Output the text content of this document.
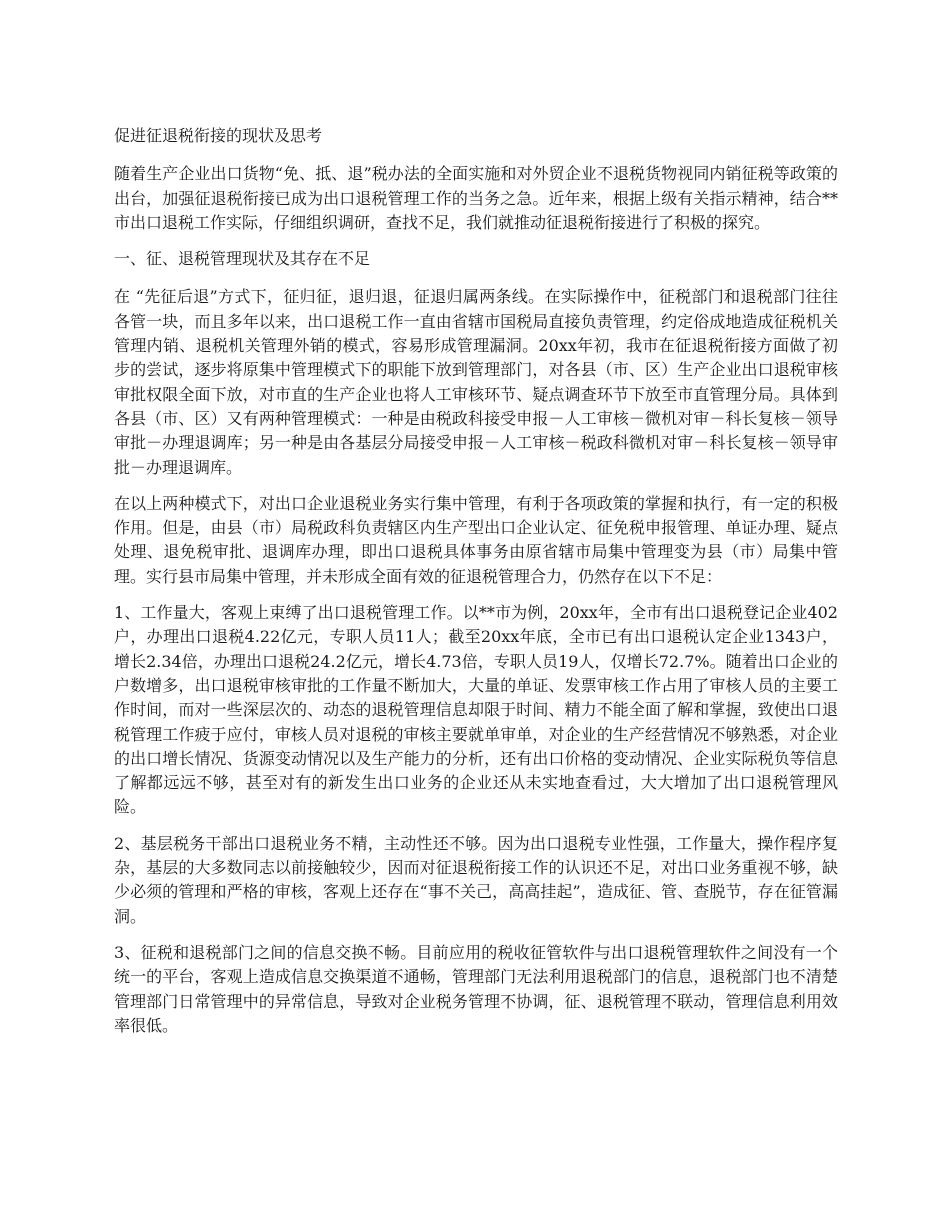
促进征退税衔接的现状及思考

随着生产企业出口货物“免、抵、退”税办法的全面实施和对外贸企业不退税货物视同内销征税等政策的出台，加强征退税衔接已成为出口退税管理工作的当务之急。近年来，根据上级有关指示精神，结合**市出口退税工作实际，仔细组织调研，查找不足，我们就推动征退税衔接进行了积极的探究。

一、征、退税管理现状及其存在不足

在 “先征后退”方式下，征归征，退归退，征退归属两条线。在实际操作中，征税部门和退税部门往往各管一块，而且多年以来，出口退税工作一直由省辖市国税局直接负责管理，约定俗成地造成征税机关管理内销、退税机关管理外销的模式，容易形成管理漏洞。20xx年初，我市在征退税衔接方面做了初步的尝试，逐步将原集中管理模式下的职能下放到管理部门，对各县（市、区）生产企业出口退税审核审批权限全面下放，对市直的生产企业也将人工审核环节、疑点调查环节下放至市直管理分局。具体到各县（市、区）又有两种管理模式：一种是由税政科接受申报－人工审核－微机对审－科长复核－领导审批－办理退调库；另一种是由各基层分局接受申报－人工审核－税政科微机对审－科长复核－领导审批－办理退调库。

在以上两种模式下，对出口企业退税业务实行集中管理，有利于各项政策的掌握和执行，有一定的积极作用。但是，由县（市）局税政科负责辖区内生产型出口企业认定、征免税申报管理、单证办理、疑点处理、退免税审批、退调库办理，即出口退税具体事务由原省辖市局集中管理变为县（市）局集中管理。实行县市局集中管理，并未形成全面有效的征退税管理合力，仍然存在以下不足：

1、工作量大，客观上束缚了出口退税管理工作。以**市为例，20xx年，全市有出口退税登记企业402户，办理出口退税4.22亿元，专职人员11人；截至20xx年底，全市已有出口退税认定企业1343户，增长2.34倍，办理出口退税24.2亿元，增长4.73倍，专职人员19人，仅增长72.7%。随着出口企业的户数增多，出口退税审核审批的工作量不断加大，大量的单证、发票审核工作占用了审核人员的主要工作时间，而对一些深层次的、动态的退税管理信息却限于时间、精力不能全面了解和掌握，致使出口退税管理工作疲于应付，审核人员对退税的审核主要就单审单，对企业的生产经营情况不够熟悉，对企业的出口增长情况、货源变动情况以及生产能力的分析，还有出口价格的变动情况、企业实际税负等信息了解都远远不够，甚至对有的新发生出口业务的企业还从未实地查看过，大大增加了出口退税管理风险。

2、基层税务干部出口退税业务不精，主动性还不够。因为出口退税专业性强，工作量大，操作程序复杂，基层的大多数同志以前接触较少，因而对征退税衔接工作的认识还不足，对出口业务重视不够，缺少必须的管理和严格的审核，客观上还存在“事不关己，高高挂起”，造成征、管、查脱节，存在征管漏洞。

3、征税和退税部门之间的信息交换不畅。目前应用的税收征管软件与出口退税管理软件之间没有一个统一的平台，客观上造成信息交换渠道不通畅，管理部门无法利用退税部门的信息，退税部门也不清楚管理部门日常管理中的异常信息，导致对企业税务管理不协调，征、退税管理不联动，管理信息利用效率很低。
